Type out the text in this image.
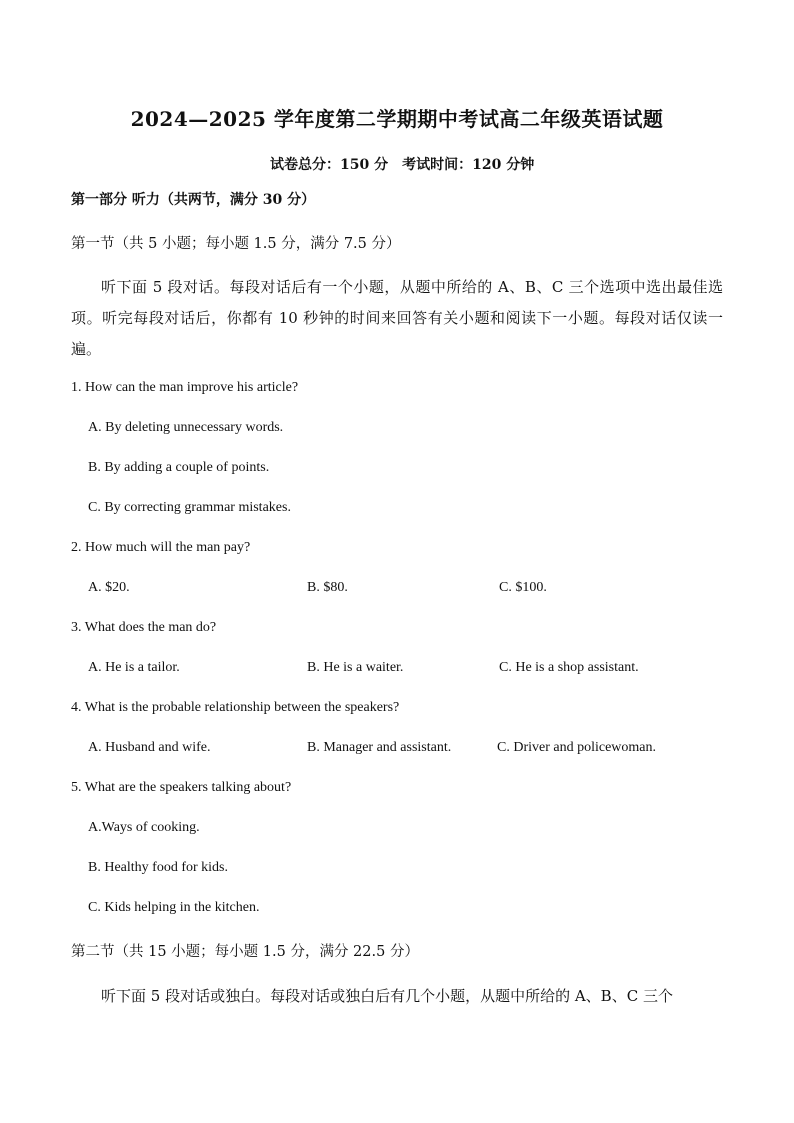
2024—2025 学年度第二学期期中考试高二年级英语试题
试卷总分：150 分　考试时间：120 分钟
第一部分 听力（共两节，满分 30 分）
第一节（共 5 小题；每小题 1.5 分，满分 7.5 分）
听下面 5 段对话。每段对话后有一个小题，从题中所给的 A、B、C 三个选项中选出最佳选项。听完每段对话后，你都有 10 秒钟的时间来回答有关小题和阅读下一小题。每段对话仅读一遍。
1. How can the man improve his article?
A. By deleting unnecessary words.
B. By adding a couple of points.
C. By correcting grammar mistakes.
2. How much will the man pay?
A. $20.	B. $80.	C. $100.
3. What does the man do?
A. He is a tailor.	B. He is a waiter.	C. He is a shop assistant.
4. What is the probable relationship between the speakers?
A. Husband and wife.	B. Manager and assistant.	C. Driver and policewoman.
5. What are the speakers talking about?
A.Ways of cooking.
B. Healthy food for kids.
C. Kids helping in the kitchen.
第二节（共 15 小题；每小题 1.5 分，满分 22.5 分）
听下面 5 段对话或独白。每段对话或独白后有几个小题，从题中所给的 A、B、C 三个
